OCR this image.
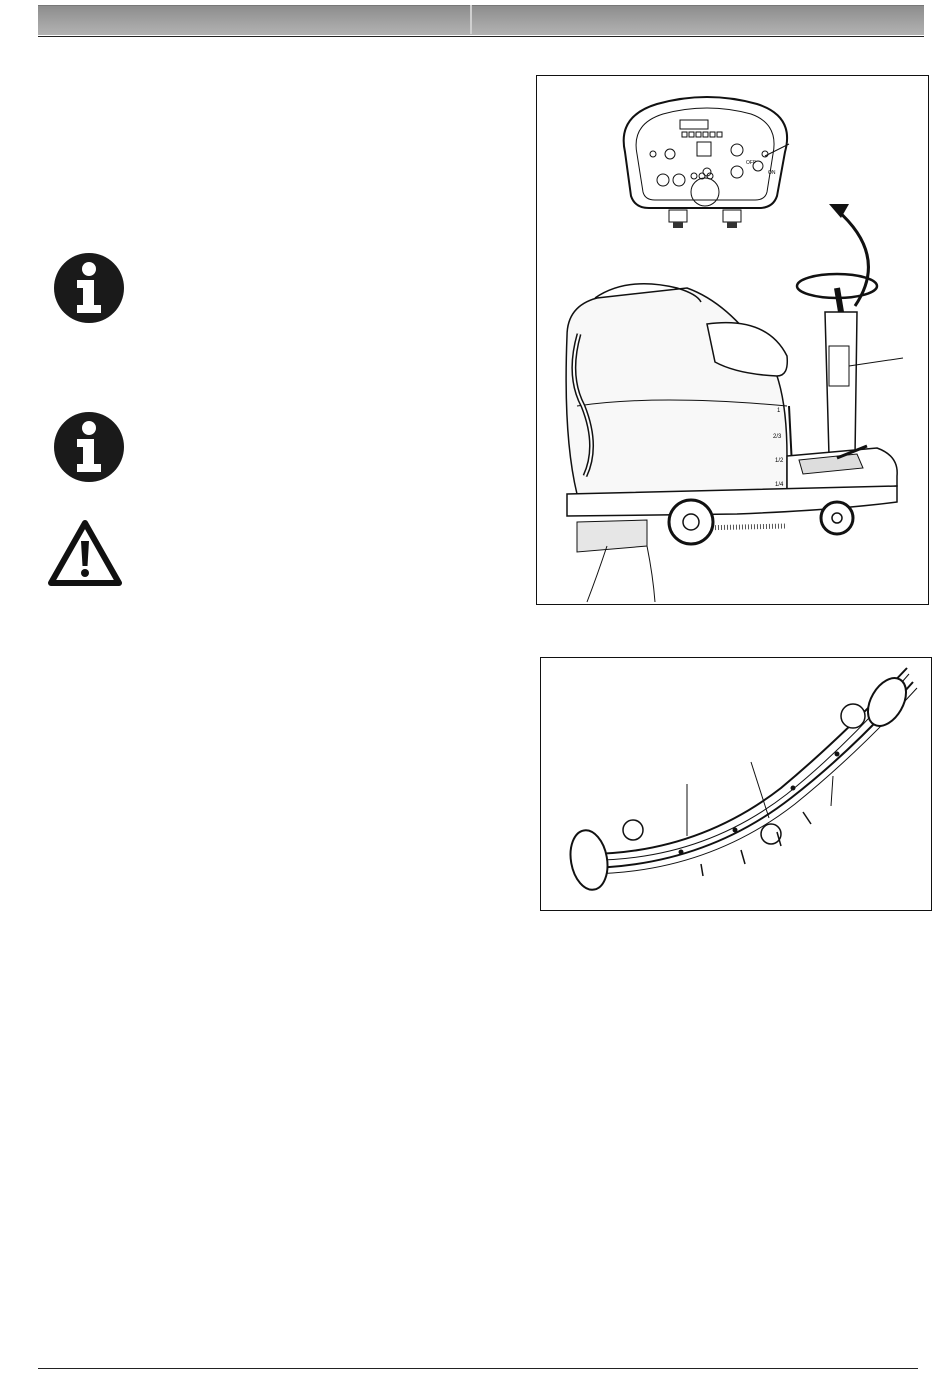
OFF
ON
1
2/3
1/2
1/4
